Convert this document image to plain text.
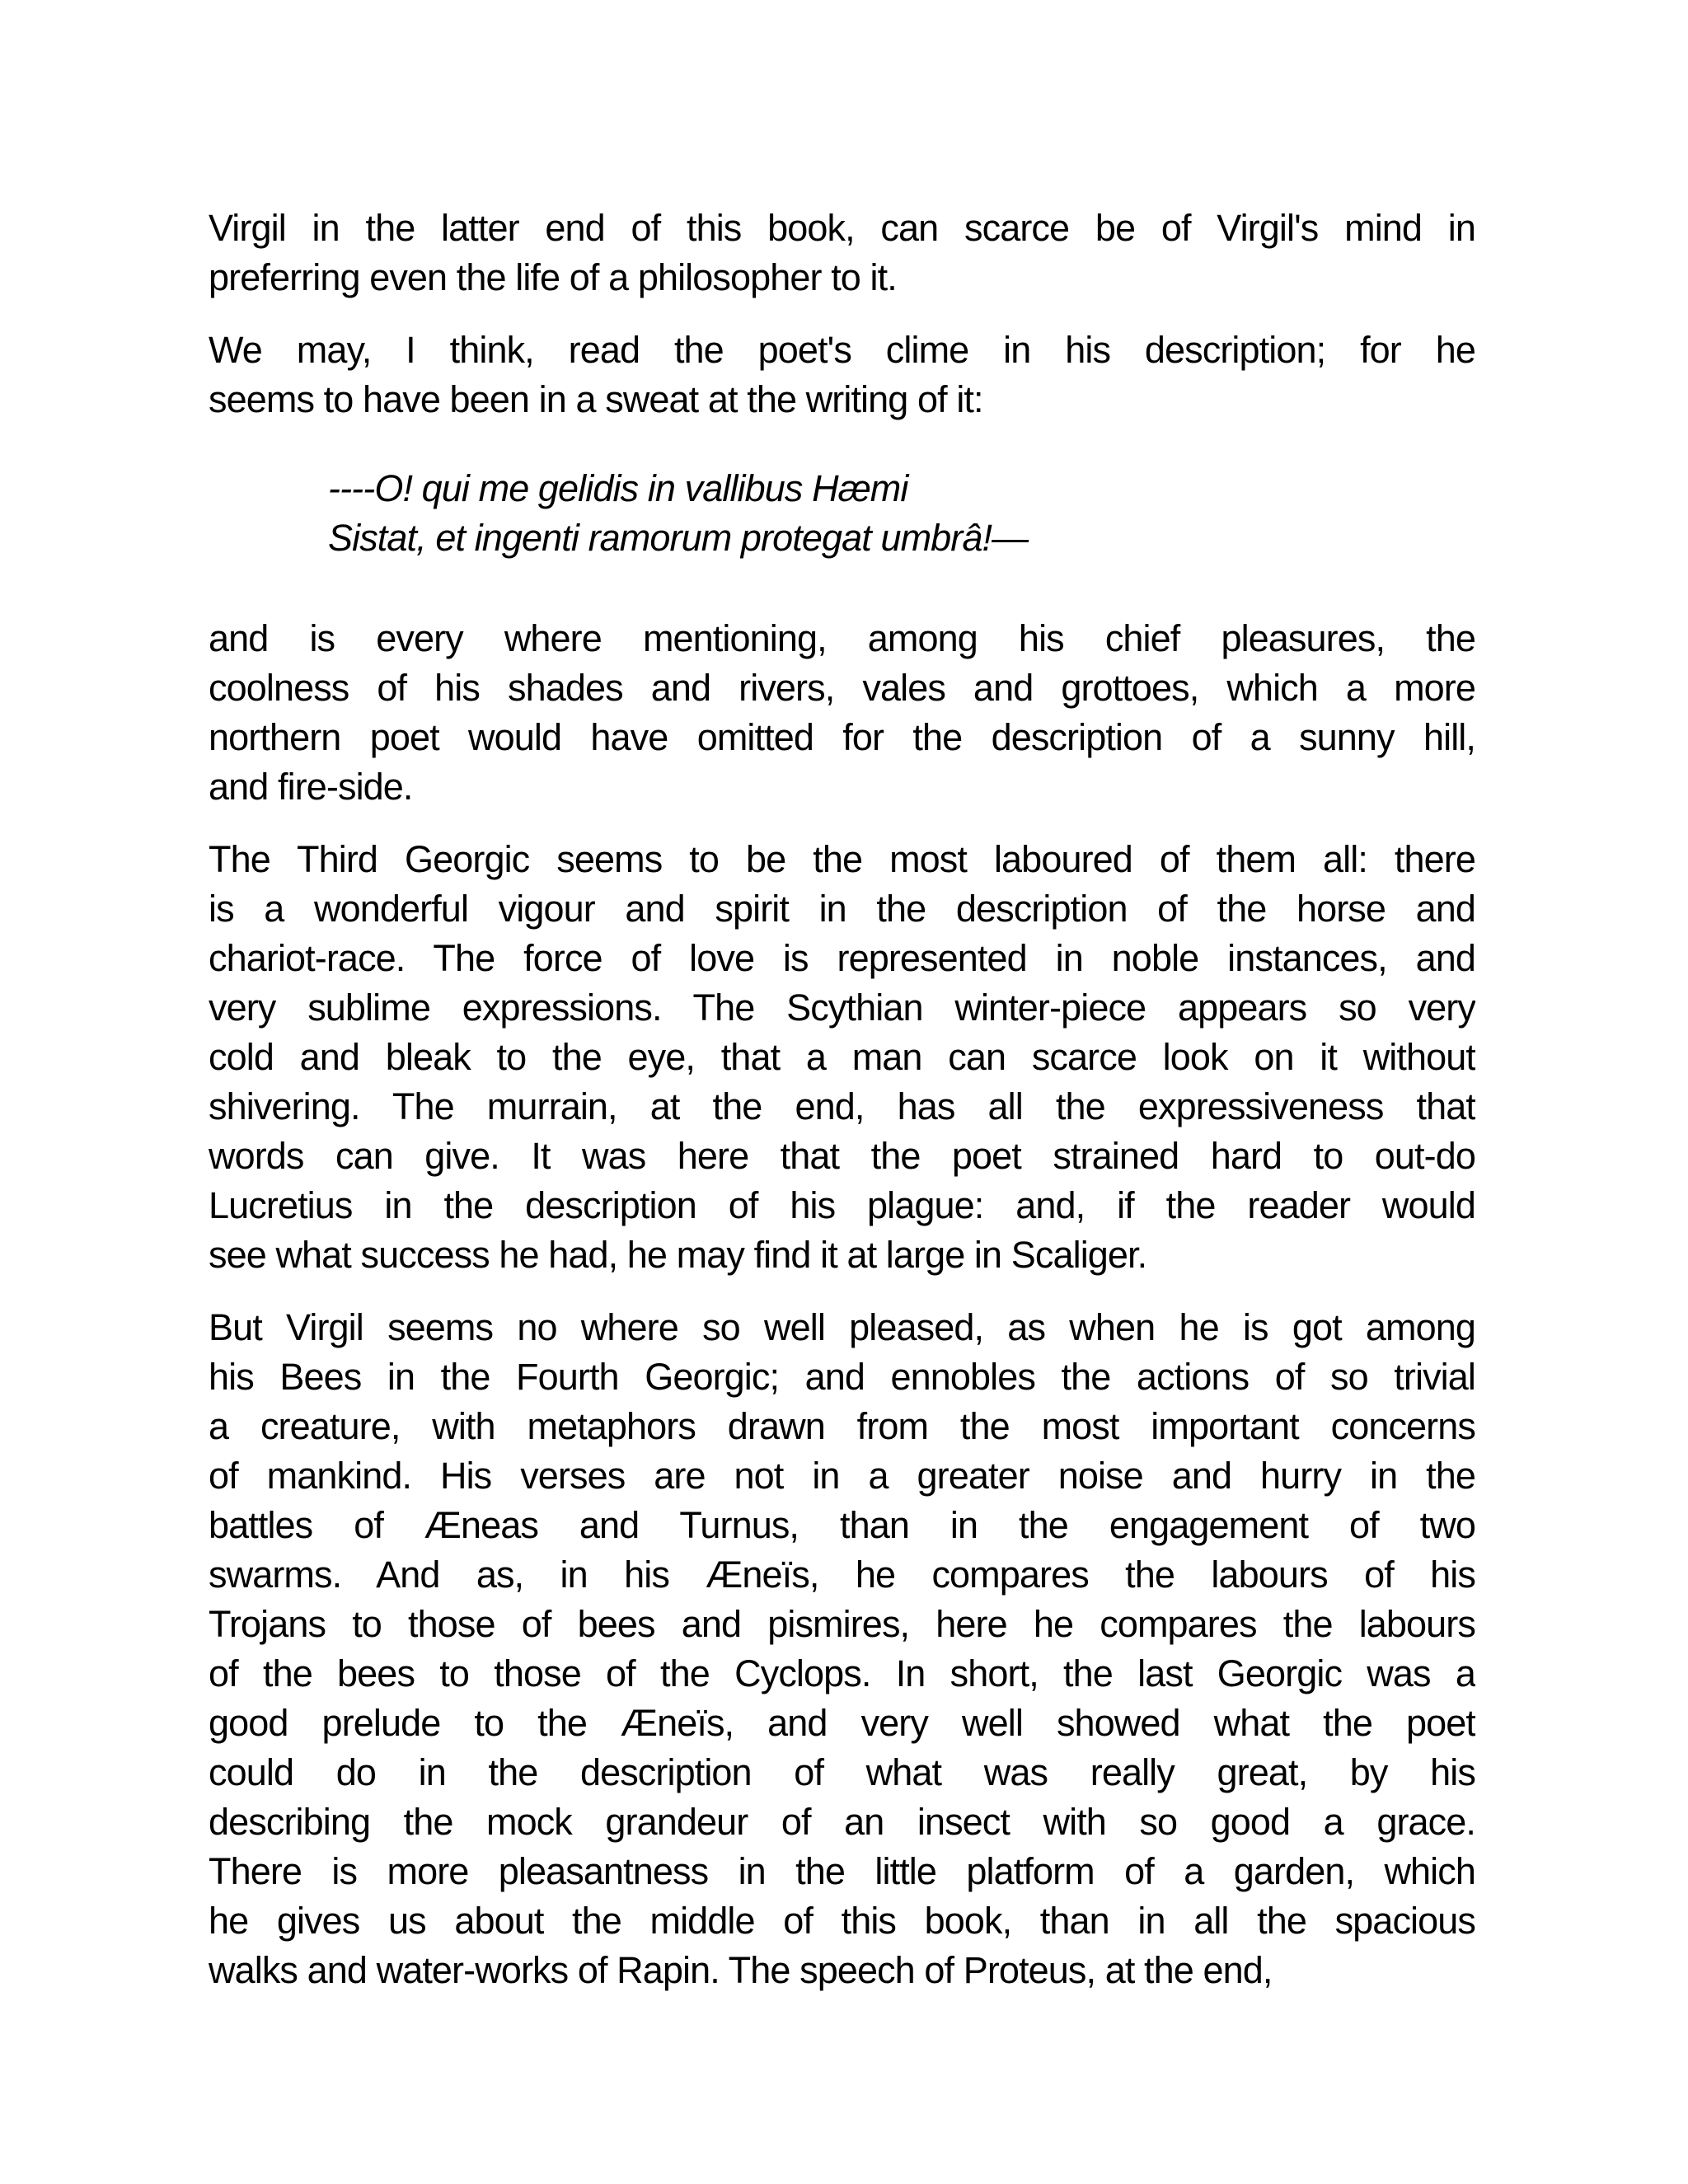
Virgil in the latter end of this book, can scarce be of Virgil's mind in
preferring even the life of a philosopher to it.
We may, I think, read the poet's clime in his description; for he
seems to have been in a sweat at the writing of it:
----O! qui me gelidis in vallibus Hæmi
Sistat, et ingenti ramorum protegat umbrâ!—
and is every where mentioning, among his chief pleasures, the
coolness of his shades and rivers, vales and grottoes, which a more
northern poet would have omitted for the description of a sunny hill,
and fire-side.
The Third Georgic seems to be the most laboured of them all: there
is a wonderful vigour and spirit in the description of the horse and
chariot-race. The force of love is represented in noble instances, and
very sublime expressions. The Scythian winter-piece appears so very
cold and bleak to the eye, that a man can scarce look on it without
shivering. The murrain, at the end, has all the expressiveness that
words can give. It was here that the poet strained hard to out-do
Lucretius in the description of his plague: and, if the reader would
see what success he had, he may find it at large in Scaliger.
But Virgil seems no where so well pleased, as when he is got among
his Bees in the Fourth Georgic; and ennobles the actions of so trivial
a creature, with metaphors drawn from the most important concerns
of mankind. His verses are not in a greater noise and hurry in the
battles of Æneas and Turnus, than in the engagement of two
swarms. And as, in his Æneïs, he compares the labours of his
Trojans to those of bees and pismires, here he compares the labours
of the bees to those of the Cyclops. In short, the last Georgic was a
good prelude to the Æneïs, and very well showed what the poet
could do in the description of what was really great, by his
describing the mock grandeur of an insect with so good a grace.
There is more pleasantness in the little platform of a garden, which
he gives us about the middle of this book, than in all the spacious
walks and water-works of Rapin. The speech of Proteus, at the end,
